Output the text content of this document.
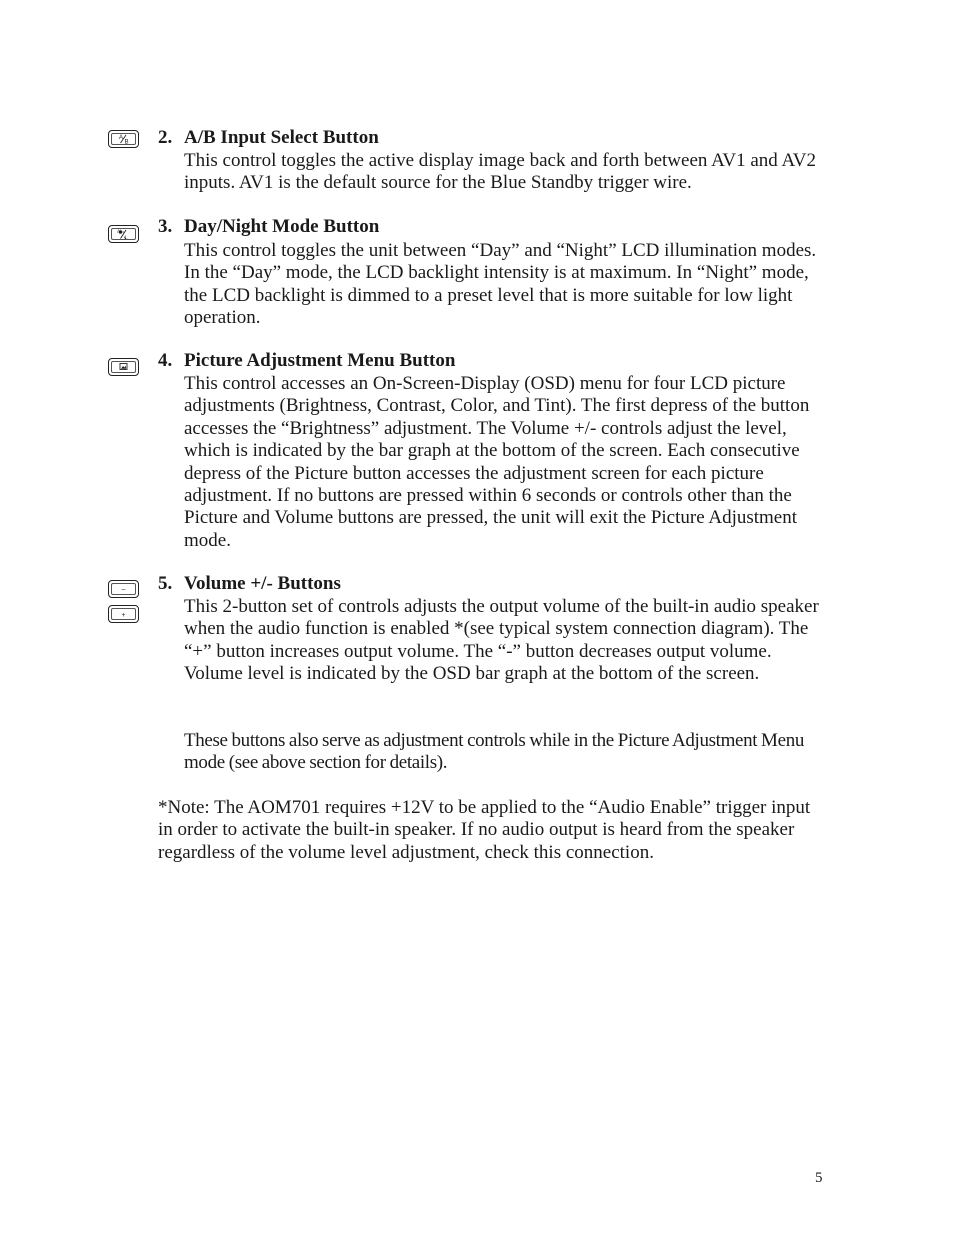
A
B 2. A/B Input Select Button
This control toggles the active display image back and forth between AV1 and AV2 inputs. AV1 is the default source for the Blue Standby trigger wire.
3. Day/Night Mode Button
This control toggles the unit between “Day” and “Night” LCD illumination modes. In the “Day” mode, the LCD backlight intensity is at maximum. In “Night” mode, the LCD backlight is dimmed to a preset level that is more suitable for low light operation.
4. Picture Adjustment Menu Button
This control accesses an On-Screen-Display (OSD) menu for four LCD picture adjustments (Brightness, Contrast, Color, and Tint). The first depress of the button accesses the “Brightness” adjustment. The Volume +/- controls adjust the level, which is indicated by the bar graph at the bottom of the screen. Each consecutive depress of the Picture button accesses the adjustment screen for each picture adjustment. If no buttons are pressed within 6 seconds or controls other than the Picture and Volume buttons are pressed, the unit will exit the Picture Adjustment mode.
–
+
5. Volume +/- Buttons
This 2-button set of controls adjusts the output volume of the built-in audio speaker when the audio function is enabled *(see typical system connection diagram). The “+” button increases output volume. The “-” button decreases output volume. Volume level is indicated by the OSD bar graph at the bottom of the screen.
These buttons also serve as adjustment controls while in the Picture Adjustment Menu mode (see above section for details).
*Note: The AOM701 requires +12V to be applied to the “Audio Enable” trigger input in order to activate the built-in speaker. If no audio output is heard from the speaker regardless of the volume level adjustment, check this connection.
5
